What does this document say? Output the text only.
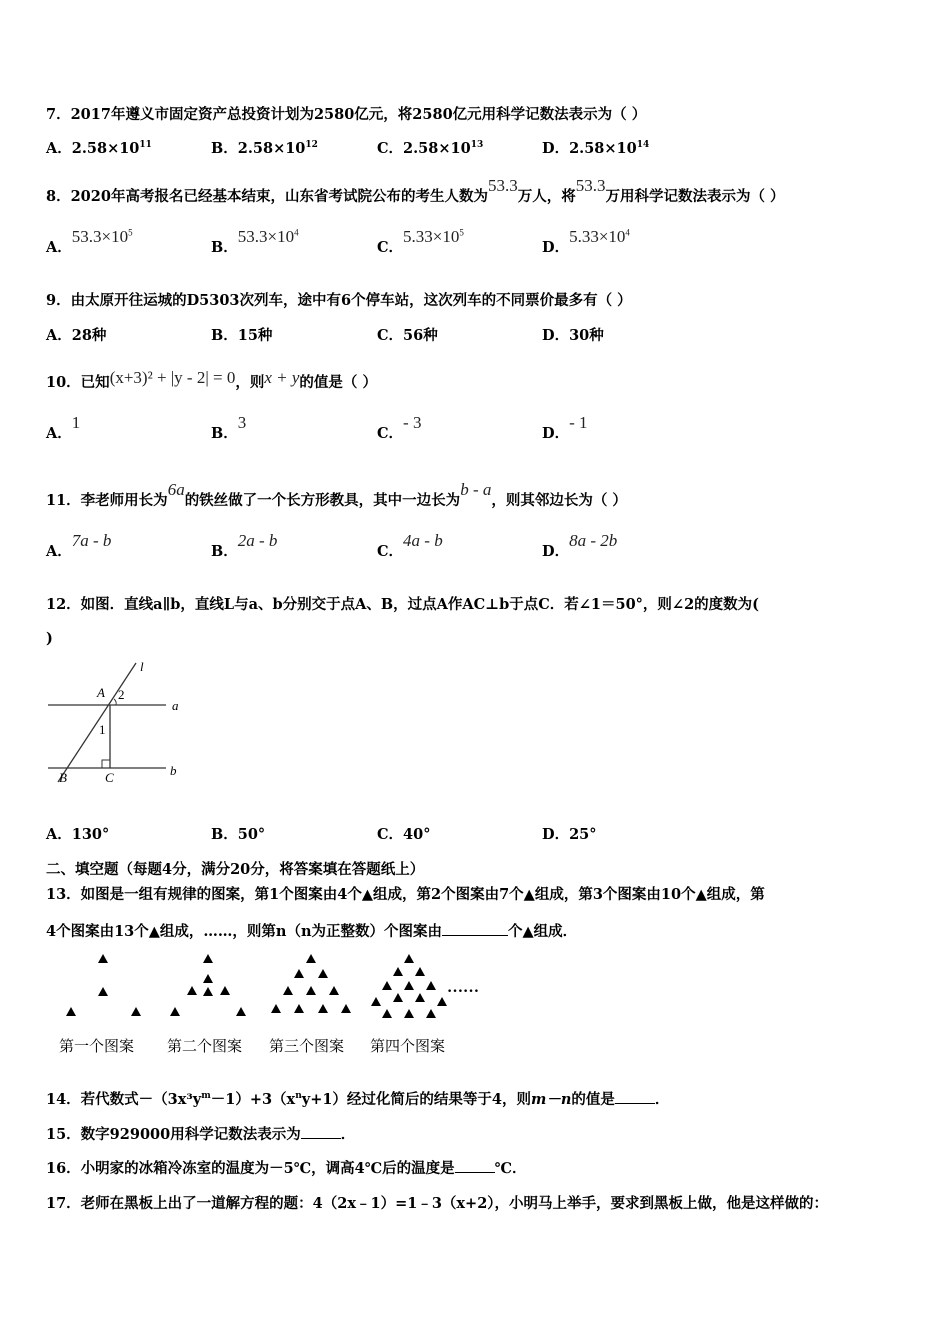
7．2017年遵义市固定资产总投资计划为2580亿元，将2580亿元用科学记数法表示为（ ）
A．$2.58\times 10^{11}$	B．$2.58\times 10^{12}$	C．$2.58\times 10^{13}$	D．$2.58\times 10^{14}$
8．2020年高考报名已经基本结束，山东省考试院公布的考生人数为53.3万人，将53.3万用科学记数法表示为（ ）
A．$53.3\times 10^5$
B．$53.3\times 10^4$
C．$5.33\times 10^5$
D．$5.33\times 10^4$
9．由太原开往运城的D5303次列车，途中有6个停车站，这次列车的不同票价最多有（ ）
A．28种	B．15种	C．56种	D．30种
10．已知(x+3)² + |y - 2| = 0，则x + y的值是（ ）
A．1
B．3
C．- 3
D．- 1
11．李老师用长为6a的铁丝做了一个长方形教具，其中一边长为b - a，则其邻边长为（ ）
A．7a - b
B．2a - b
C．4a - b
D．8a - 2b
12．如图．直线a∥b，直线L与a、b分别交于点A、B，过点A作AC⊥b于点C．若∠1＝50°，则∠2的度数为(
)
l
a
b
A
B	C
1
2
A．130°	B．50°	C．40°	D．25°
二、填空题（每题4分，满分20分，将答案填在答题纸上）
13．如图是一组有规律的图案，第1个图案由4个▲组成，第2个图案由7个▲组成，第3个图案由10个▲组成，第
4个图案由13个▲组成，……，则第n（n为正整数）个图案由	个▲组成．
……
第一个图案 第二个图案 第三个图案 第四个图案
14．若代数式$-(3x^3y^m-1)+3(x^ny+1)$经过化简后的结果等于4，则m－n的值是	．
15．数字929000用科学记数法表示为	．
16．小明家的冰箱冷冻室的温度为－5℃，调高4℃后的温度是	℃．
17．老师在黑板上出了一道解方程的题：4（2x﹣1）=1﹣3（x+2），小明马上举手，要求到黑板上做，他是这样做的：
